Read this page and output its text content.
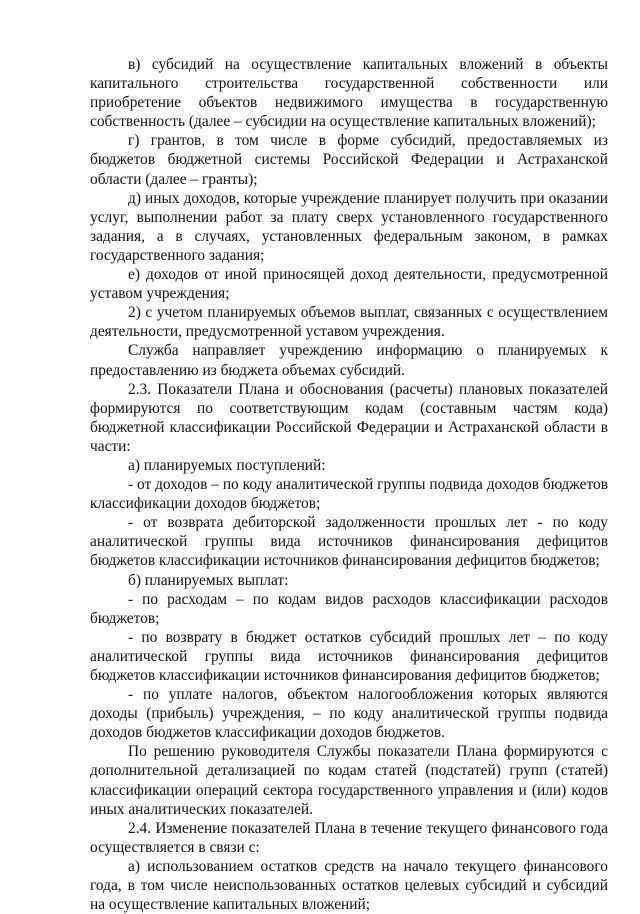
в) субсидий на осуществление капитальных вложений в объекты капитального строительства государственной собственности или приобретение объектов недвижимого имущества в государственную собственность (далее – субсидии на осуществление капитальных вложений);

г) грантов, в том числе в форме субсидий, предоставляемых из бюджетов бюджетной системы Российской Федерации и Астраханской области (далее – гранты);

д) иных доходов, которые учреждение планирует получить при оказании услуг, выполнении работ за плату сверх установленного государственного задания, а в случаях, установленных федеральным законом, в рамках государственного задания;

е) доходов от иной приносящей доход деятельности, предусмотренной уставом учреждения;

2) с учетом планируемых объемов выплат, связанных с осуществлением деятельности, предусмотренной уставом учреждения.

Служба направляет учреждению информацию о планируемых к предоставлению из бюджета объемах субсидий.

2.3. Показатели Плана и обоснования (расчеты) плановых показателей формируются по соответствующим кодам (составным частям кода) бюджетной классификации Российской Федерации и Астраханской области в части:

а) планируемых поступлений:

- от доходов – по коду аналитической группы подвида доходов бюджетов классификации доходов бюджетов;

- от возврата дебиторской задолженности прошлых лет - по коду аналитической группы вида источников финансирования дефицитов бюджетов классификации источников финансирования дефицитов бюджетов;

б) планируемых выплат:

- по расходам – по кодам видов расходов классификации расходов бюджетов;

- по возврату в бюджет остатков субсидий прошлых лет – по коду аналитической группы вида источников финансирования дефицитов бюджетов классификации источников финансирования дефицитов бюджетов;

- по уплате налогов, объектом налогообложения которых являются доходы (прибыль) учреждения, – по коду аналитической группы подвида доходов бюджетов классификации доходов бюджетов.

По решению руководителя Службы показатели Плана формируются с дополнительной детализацией по кодам статей (подстатей) групп (статей) классификации операций сектора государственного управления и (или) кодов иных аналитических показателей.

2.4. Изменение показателей Плана в течение текущего финансового года осуществляется в связи с:

а) использованием остатков средств на начало текущего финансового года, в том числе неиспользованных остатков целевых субсидий и субсидий на осуществление капитальных вложений;
